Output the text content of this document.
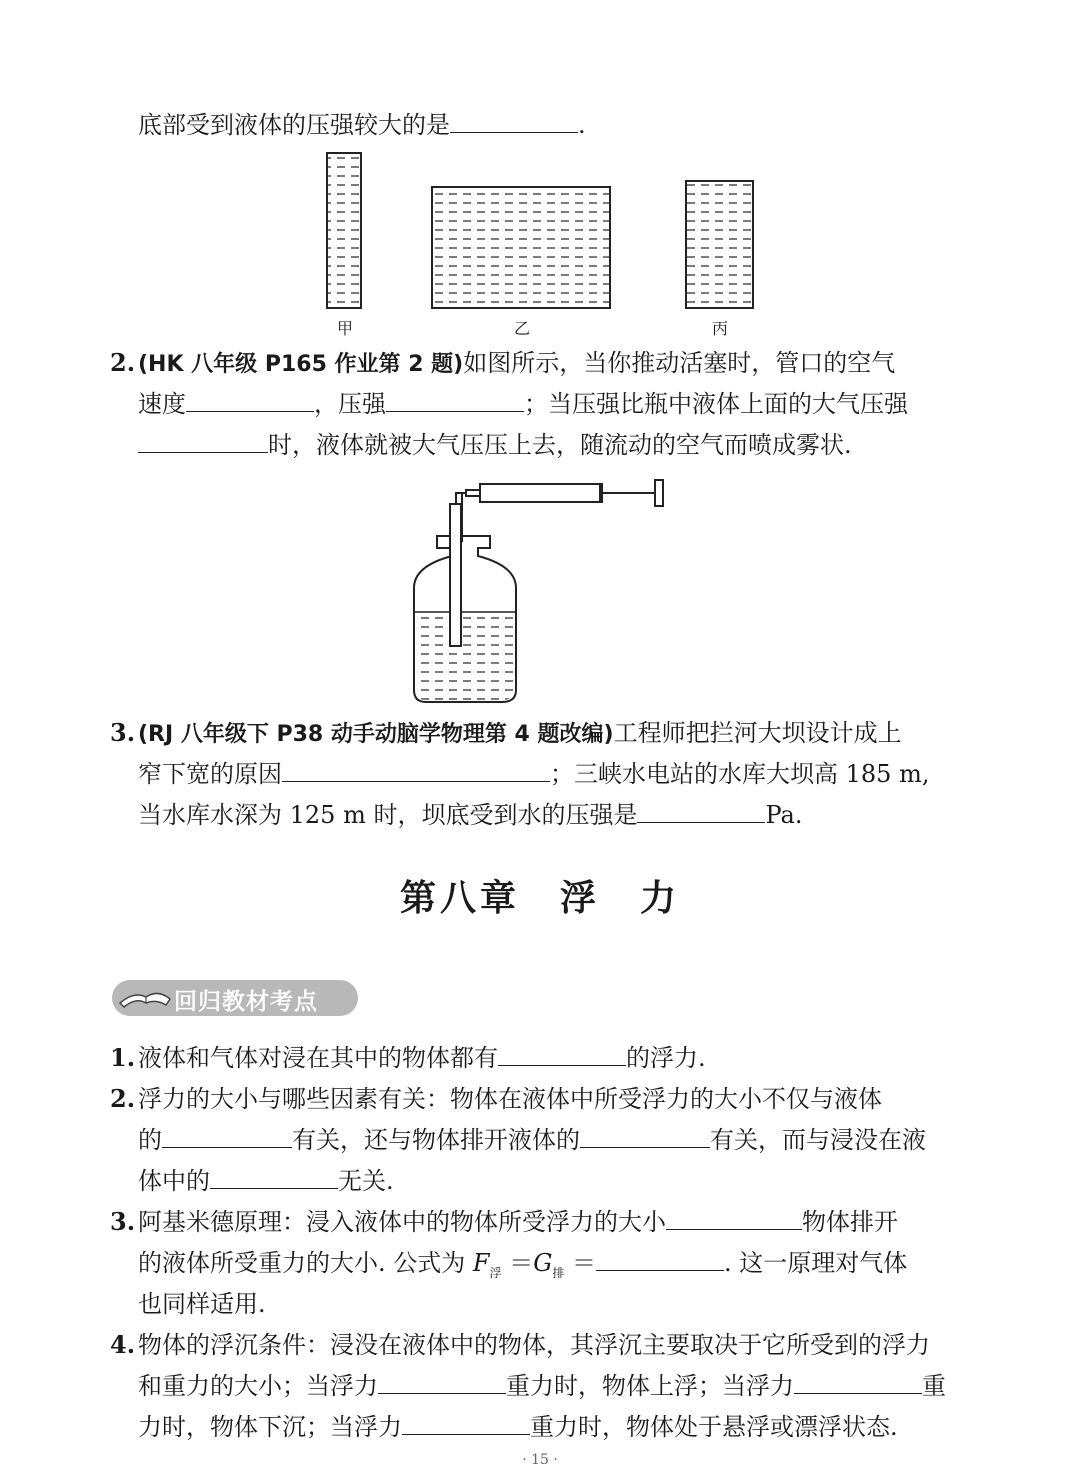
底部受到液体的压强较大的是	.
甲	乙	丙
2. (HK 八年级 P165 作业第 2 题)如图所示，当你推动活塞时，管口的空气
速度	，压强	；当压强比瓶中液体上面的大气压强
时，液体就被大气压压上去，随流动的空气而喷成雾状.
3. (RJ 八年级下 P38 动手动脑学物理第 4 题改编)工程师把拦河大坝设计成上
窄下宽的原因	；三峡水电站的水库大坝高 185 m,
当水库水深为 125 m 时，坝底受到水的压强是	Pa.
第八章　浮　力
回归教材考点
1. 液体和气体对浸在其中的物体都有	的浮力.
2. 浮力的大小与哪些因素有关：物体在液体中所受浮力的大小不仅与液体
的	有关，还与物体排开液体的	有关，而与浸没在液
体中的	无关.
3. 阿基米德原理：浸入液体中的物体所受浮力的大小	物体排开
的液体所受重力的大小. 公式为 $F_浮 =G_排$ ＝	. 这一原理对气体
也同样适用.
4. 物体的浮沉条件：浸没在液体中的物体，其浮沉主要取决于它所受到的浮力
和重力的大小；当浮力	重力时，物体上浮；当浮力	重
力时，物体下沉；当浮力	重力时，物体处于悬浮或漂浮状态.
· 15 ·
